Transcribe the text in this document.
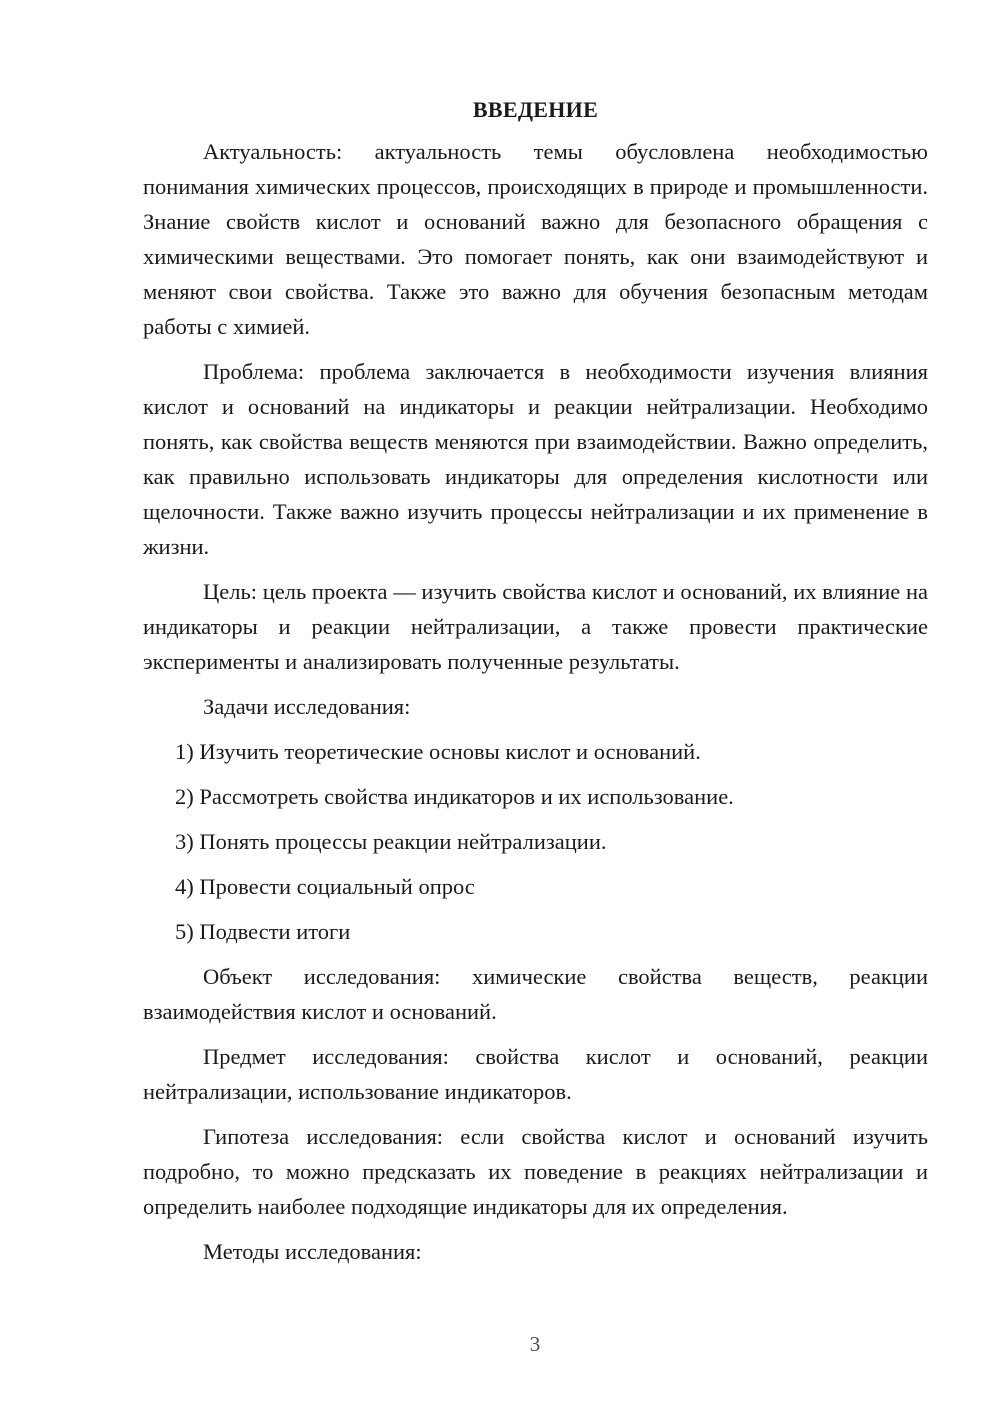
ВВЕДЕНИЕ

Актуальность: актуальность темы обусловлена необходимостью понимания химических процессов, происходящих в природе и промышленности. Знание свойств кислот и оснований важно для безопасного обращения с химическими веществами. Это помогает понять, как они взаимодействуют и меняют свои свойства. Также это важно для обучения безопасным методам работы с химией.

Проблема: проблема заключается в необходимости изучения влияния кислот и оснований на индикаторы и реакции нейтрализации. Необходимо понять, как свойства веществ меняются при взаимодействии. Важно определить, как правильно использовать индикаторы для определения кислотности или щелочности. Также важно изучить процессы нейтрализации и их применение в жизни.

Цель: цель проекта — изучить свойства кислот и оснований, их влияние на индикаторы и реакции нейтрализации, а также провести практические эксперименты и анализировать полученные результаты.

Задачи исследования:

1) Изучить теоретические основы кислот и оснований.
2) Рассмотреть свойства индикаторов и их использование.
3) Понять процессы реакции нейтрализации.
4) Провести социальный опрос
5) Подвести итоги

Объект исследования: химические свойства веществ, реакции взаимодействия кислот и оснований.

Предмет исследования: свойства кислот и оснований, реакции нейтрализации, использование индикаторов.

Гипотеза исследования: если свойства кислот и оснований изучить подробно, то можно предсказать их поведение в реакциях нейтрализации и определить наиболее подходящие индикаторы для их определения.

Методы исследования:

3
